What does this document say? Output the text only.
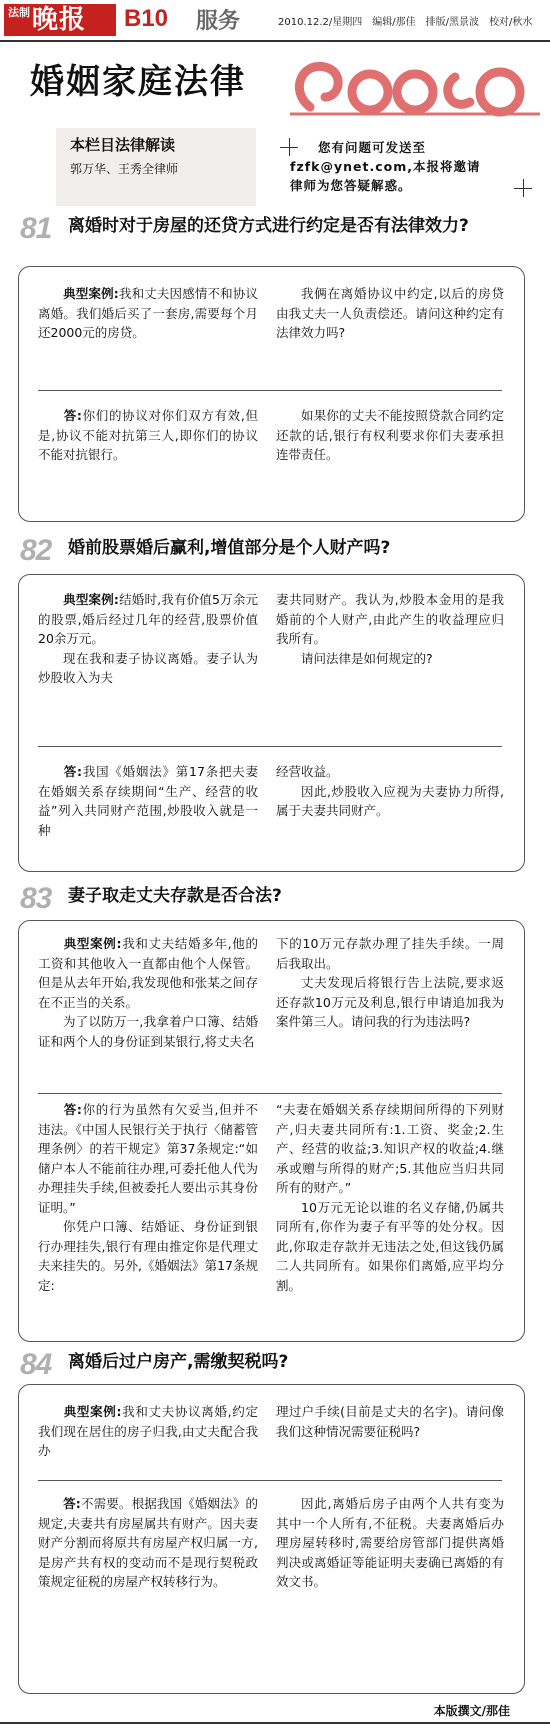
法制 晚报 B10 服务	2010.12.2/星期四　编辑/那佳　排版/黑景波　校对/秋水
婚姻家庭法律
本栏目法律解读
郭万华、王秀全律师
您有问题可发送至
fzfk@ynet.com,本报将邀请
律师为您答疑解惑。
81 离婚时对于房屋的还贷方式进行约定是否有法律效力?
典型案例:我和丈夫因感情不和协议离婚。我们婚后买了一套房,需要每个月还2000元的房贷。
我俩在离婚协议中约定,以后的房贷由我丈夫一人负责偿还。请问这种约定有法律效力吗?
答:你们的协议对你们双方有效,但是,协议不能对抗第三人,即你们的协议不能对抗银行。
如果你的丈夫不能按照贷款合同约定还款的话,银行有权利要求你们夫妻承担连带责任。
82 婚前股票婚后赢利,增值部分是个人财产吗?
典型案例:结婚时,我有价值5万余元的股票,婚后经过几年的经营,股票价值20余万元。
现在我和妻子协议离婚。妻子认为炒股收入为夫
妻共同财产。我认为,炒股本金用的是我婚前的个人财产,由此产生的收益理应归我所有。
请问法律是如何规定的?
答:我国《婚姻法》第17条把夫妻在婚姻关系存续期间“生产、经营的收益”列入共同财产范围,炒股收入就是一种
经营收益。
因此,炒股收入应视为夫妻协力所得,属于夫妻共同财产。
83 妻子取走丈夫存款是否合法?
典型案例:我和丈夫结婚多年,他的工资和其他收入一直都由他个人保管。但是从去年开始,我发现他和张某之间存在不正当的关系。
为了以防万一,我拿着户口簿、结婚证和两个人的身份证到某银行,将丈夫名
下的10万元存款办理了挂失手续。一周后我取出。
丈夫发现后将银行告上法院,要求返还存款10万元及利息,银行申请追加我为案件第三人。请问我的行为违法吗?
答:你的行为虽然有欠妥当,但并不违法。《中国人民银行关于执行〈储蓄管理条例〉的若干规定》第37条规定:“如储户本人不能前往办理,可委托他人代为办理挂失手续,但被委托人要出示其身份证明。”
你凭户口簿、结婚证、身份证到银行办理挂失,银行有理由推定你是代理丈夫来挂失的。另外,《婚姻法》第17条规定:
“夫妻在婚姻关系存续期间所得的下列财产,归夫妻共同所有:1.工资、奖金;2.生产、经营的收益;3.知识产权的收益;4.继承或赠与所得的财产;5.其他应当归共同所有的财产。”
10万元无论以谁的名义存储,仍属共同所有,你作为妻子有平等的处分权。因此,你取走存款并无违法之处,但这钱仍属二人共同所有。如果你们离婚,应平均分割。
84 离婚后过户房产,需缴契税吗?
典型案例:我和丈夫协议离婚,约定我们现在居住的房子归我,由丈夫配合我办
理过户手续(目前是丈夫的名字)。请问像我们这种情况需要征税吗?
答:不需要。根据我国《婚姻法》的规定,夫妻共有房屋属共有财产。因夫妻财产分割而将原共有房屋产权归属一方,是房产共有权的变动而不是现行契税政策规定征税的房屋产权转移行为。
因此,离婚后房子由两个人共有变为其中一个人所有,不征税。夫妻离婚后办理房屋转移时,需要给房管部门提供离婚判决或离婚证等能证明夫妻确已离婚的有效文书。
本版撰文/那佳
